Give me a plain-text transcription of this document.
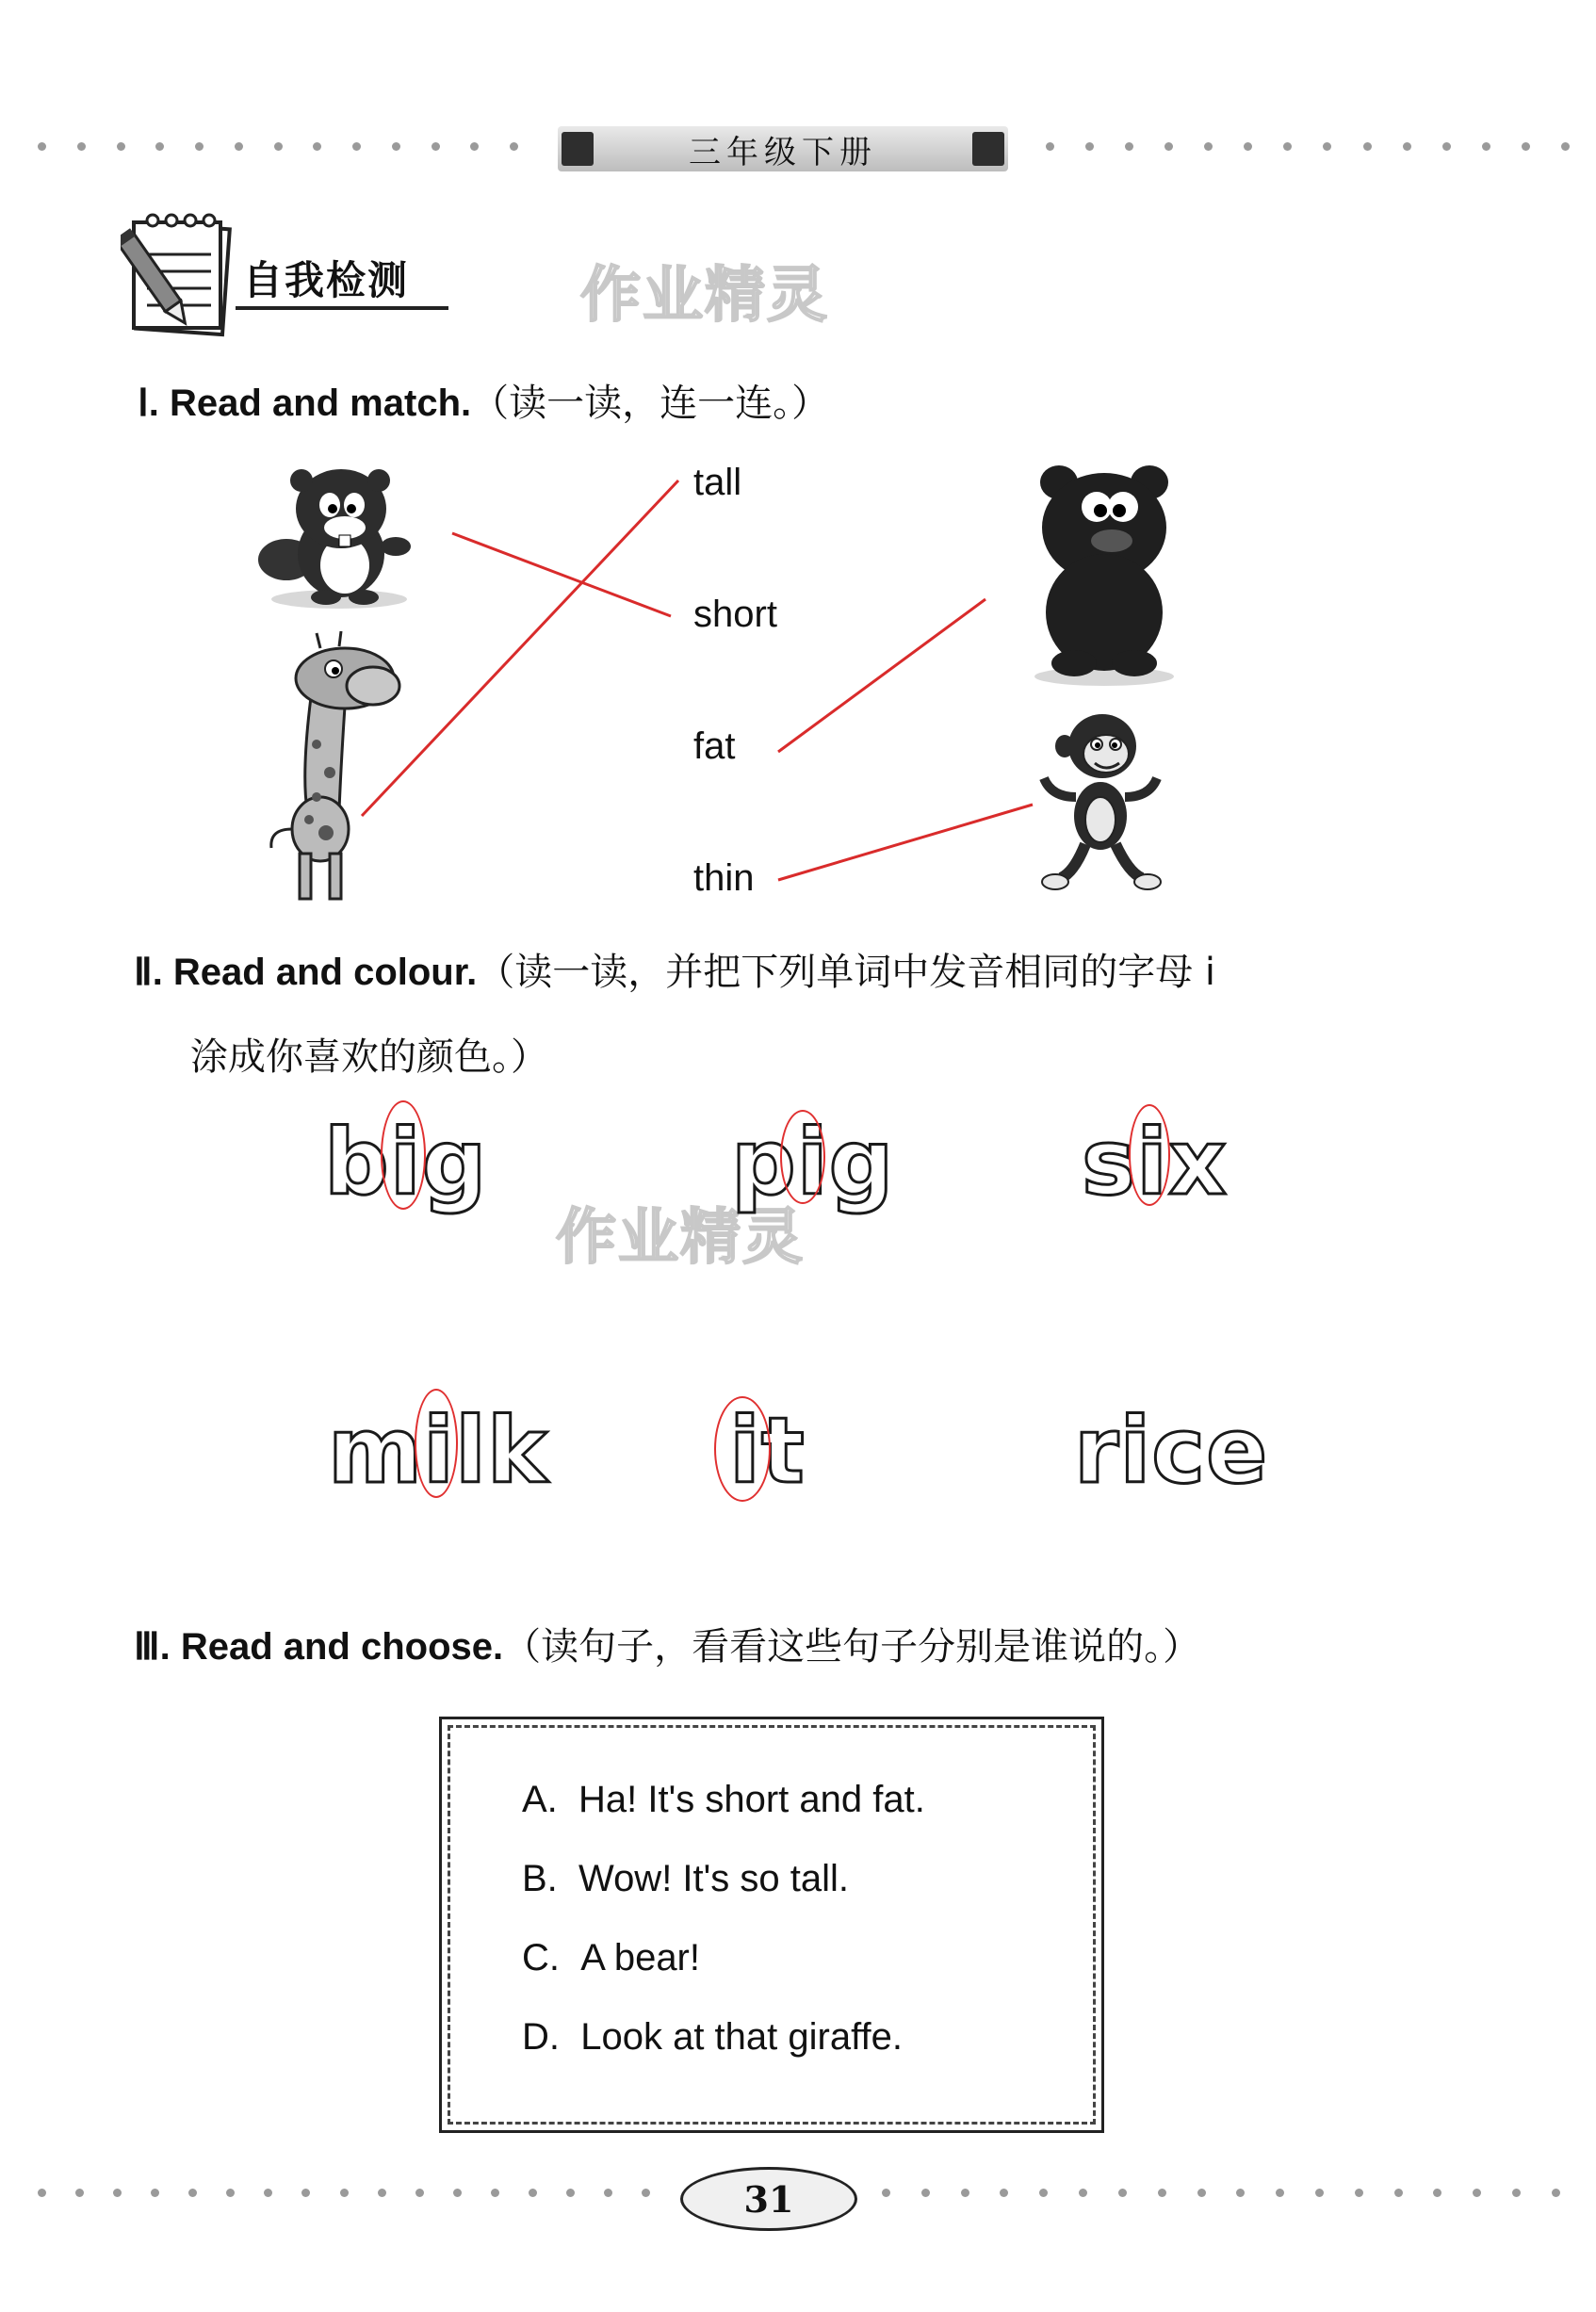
三年级下册
自我检测	作业精灵
作业精灵
Ⅰ. Read and match.（读一读，连一连。）
tall
short
fat
thin
Ⅱ. Read and colour.（读一读，并把下列单词中发音相同的字母 i
涂成你喜欢的颜色。）
big	pig six
milk it	rice
Ⅲ. Read and choose.（读句子，看看这些句子分别是谁说的。）
A. Ha! It's short and fat.
B. Wow! It's so tall.
C. A bear!
D. Look at that giraffe.
31
